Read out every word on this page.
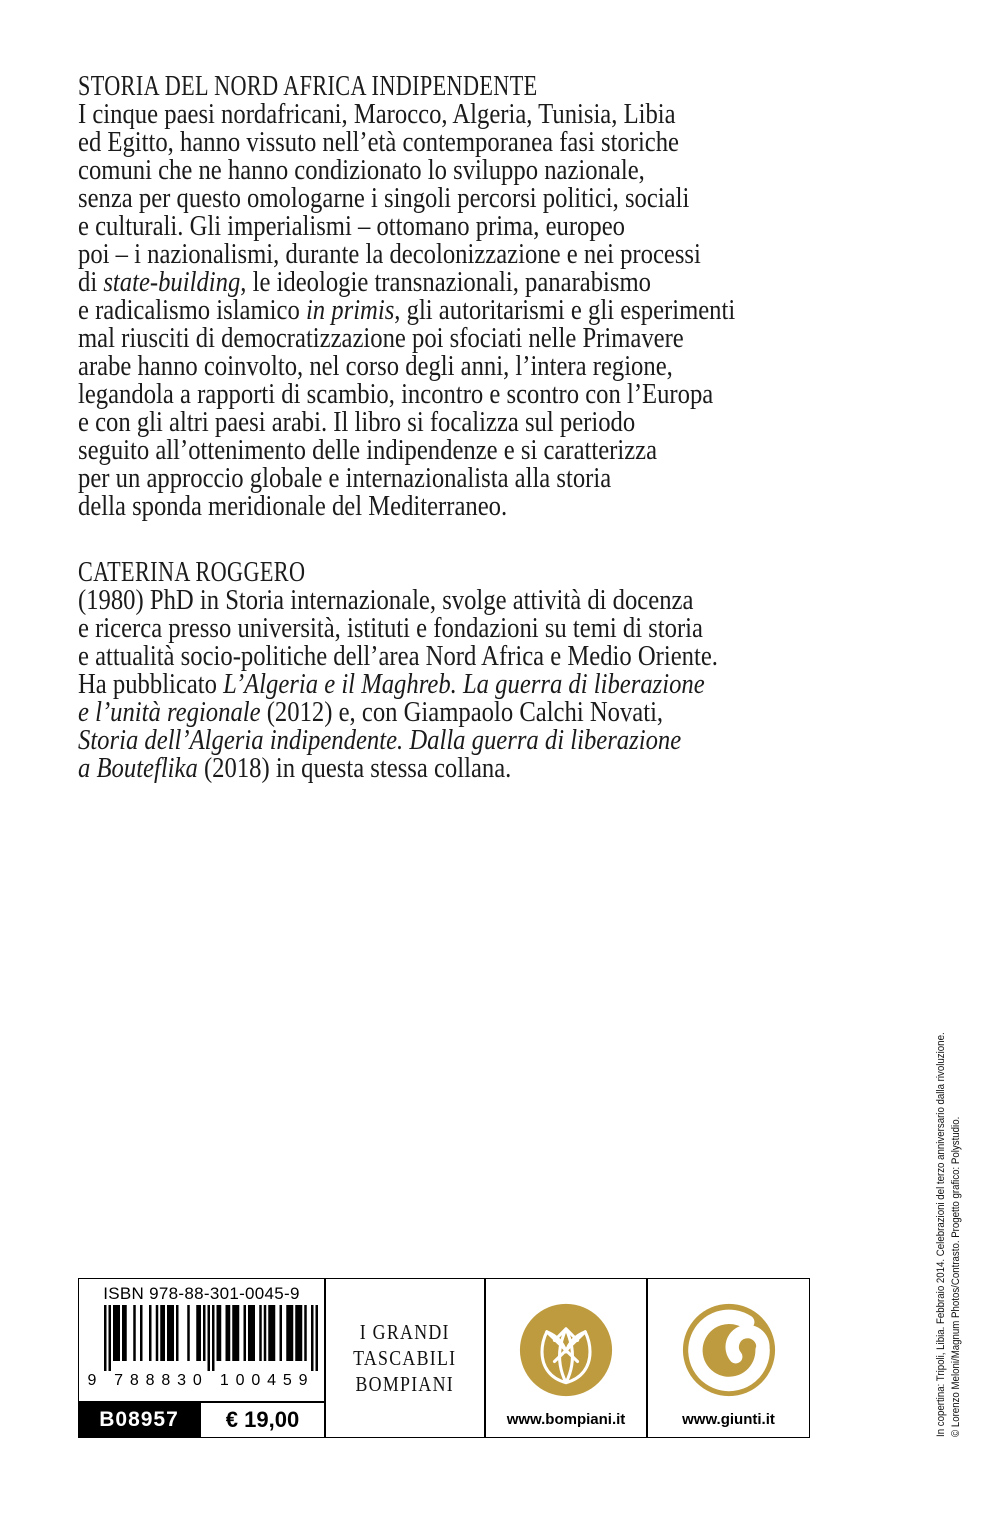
STORIA DEL NORD AFRICA INDIPENDENTE
I cinque paesi nordafricani, Marocco, Algeria, Tunisia, Libia
ed Egitto, hanno vissuto nell’età contemporanea fasi storiche
comuni che ne hanno condizionato lo sviluppo nazionale,
senza per questo omologarne i singoli percorsi politici, sociali
e culturali. Gli imperialismi – ottomano prima, europeo
poi – i nazionalismi, durante la decolonizzazione e nei processi
di state-building, le ideologie transnazionali, panarabismo
e radicalismo islamico in primis, gli autoritarismi e gli esperimenti
mal riusciti di democratizzazione poi sfociati nelle Primavere
arabe hanno coinvolto, nel corso degli anni, l’intera regione,
legandola a rapporti di scambio, incontro e scontro con l’Europa
e con gli altri paesi arabi. Il libro si focalizza sul periodo
seguito all’ottenimento delle indipendenze e si caratterizza
per un approccio globale e internazionalista alla storia
della sponda meridionale del Mediterraneo.
CATERINA ROGGERO
(1980) PhD in Storia internazionale, svolge attività di docenza
e ricerca presso università, istituti e fondazioni su temi di storia
e attualità socio-politiche dell’area Nord Africa e Medio Oriente.
Ha pubblicato L’Algeria e il Maghreb. La guerra di liberazione
e l’unità regionale (2012) e, con Giampaolo Calchi Novati,
Storia dell’Algeria indipendente. Dalla guerra di liberazione
a Bouteflika (2018) in questa stessa collana.
ISBN 978-88-301-0045-9
9 7 8 8 8 3 0 1 0 0 4 5 9
B08957 € 19,00
I GRANDI
TASCABILI
BOMPIANI
www.bompiani.it	www.giunti.it	In copertina: Tripoli, Libia. Febbraio 2014. Celebrazioni del terzo anniversario dalla rivoluzione. © Lorenzo Meloni/Magnum Photos/Contrasto. Progetto grafico: Polystudio.
